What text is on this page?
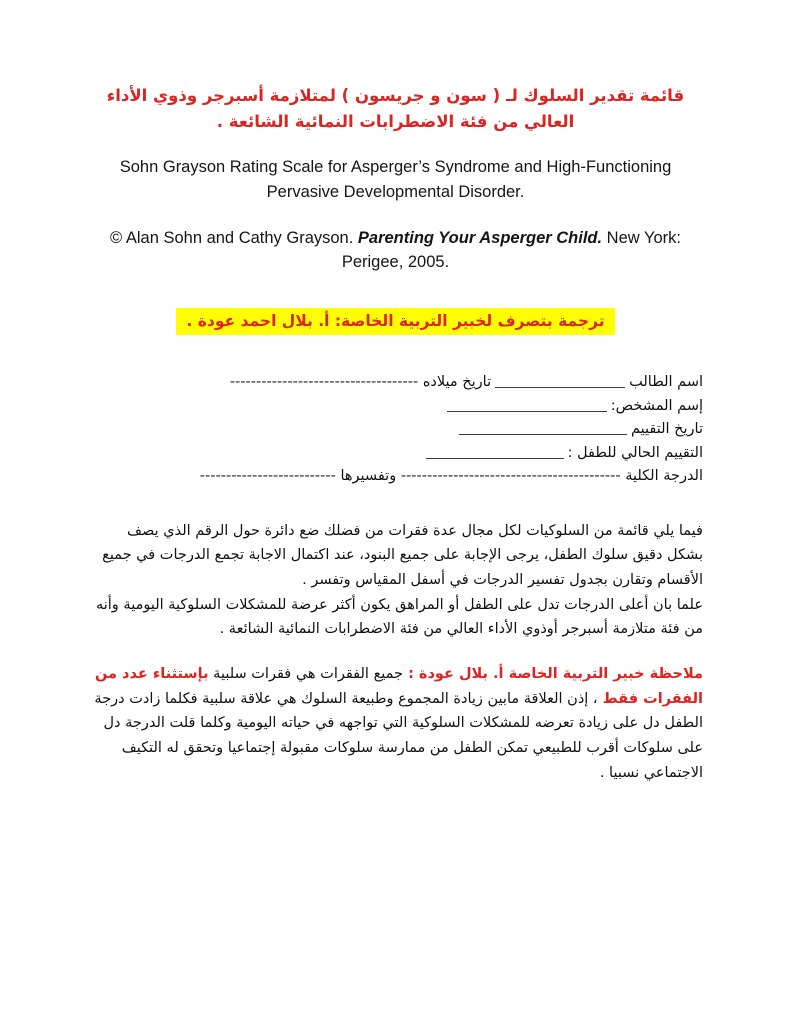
قائمة تقدير السلوك لـ ( سون و جريسون ) لمتلازمة أسبرجر وذوي الأداء العالي من فئة الاضطرابات النمائية الشائعة .
Sohn Grayson Rating Scale for Asperger’s Syndrome and High-Functioning Pervasive Developmental Disorder.
© Alan Sohn and Cathy Grayson. Parenting Your Asperger Child. New York: Perigee, 2005.
ترجمة بتصرف لخبير التربية الخاصة: أ. بلال احمد عودة .
اسم الطالبتاريخ ميلاده ------------------------------------
إسم المشخص:
تاريخ التقييم
التقييم الحالي للطفل :
الدرجة الكلية ------------------------------------------ وتفسيرها --------------------------

فيما يلي قائمة من السلوكيات لكل مجال عدة فقرات من فضلك ضع دائرة حول الرقم الذي يصف بشكل دقيق سلوك الطفل، يرجى الإجابة على جميع البنود، عند اكتمال الاجابة تجمع الدرجات في جميع الأقسام وتقارن بجدول تفسير الدرجات في أسفل المقياس وتفسر .

علما بان أعلى الدرجات تدل على الطفل أو المراهق يكون أكثر عرضة للمشكلات السلوكية اليومية وأنه من فئة متلازمة أسبرجر أوذوي الأداء العالي من فئة الاضطرابات النمائية الشائعة .

ملاحظة خبير التربية الخاصة أ. بلال عودة : جميع الفقرات هي فقرات سلبية بإستثناء عدد من الفقرات فقط ، إذن العلاقة مابين زيادة المجموع وطبيعة السلوك هي علاقة سلبية فكلما زادت درجة الطفل دل على زيادة تعرضه للمشكلات السلوكية التي تواجهه في حياته اليومية وكلما قلت الدرجة دل على سلوكات أقرب للطبيعي تمكن الطفل من ممارسة سلوكات مقبولة إجتماعيا وتحقق له التكيف الاجتماعي نسبيا .
